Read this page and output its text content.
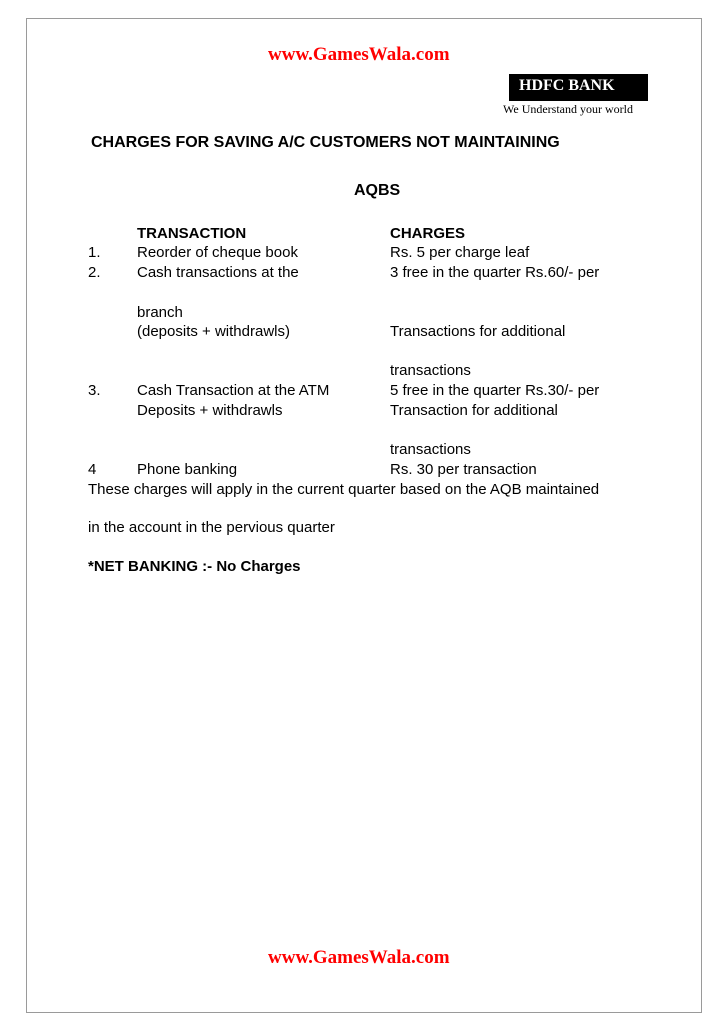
www.GamesWala.com
HDFC BANK
We Understand your world
CHARGES FOR SAVING A/C CUSTOMERS NOT MAINTAINING
AQBS
TRANSACTION	CHARGES
1. Reorder of cheque book	Rs. 5 per charge leaf
2. Cash transactions at the	3 free in the quarter Rs.60/- per
branch
(deposits + withdrawls)	Transactions for additional
transactions
3. Cash Transaction at the ATM	5 free in the quarter Rs.30/- per
Deposits + withdrawls	Transaction for additional
transactions
4	Phone banking	Rs. 30 per transaction
These charges will apply in the current quarter based on the AQB maintained
in the account in the pervious quarter
*NET BANKING :- No Charges
www.GamesWala.com
